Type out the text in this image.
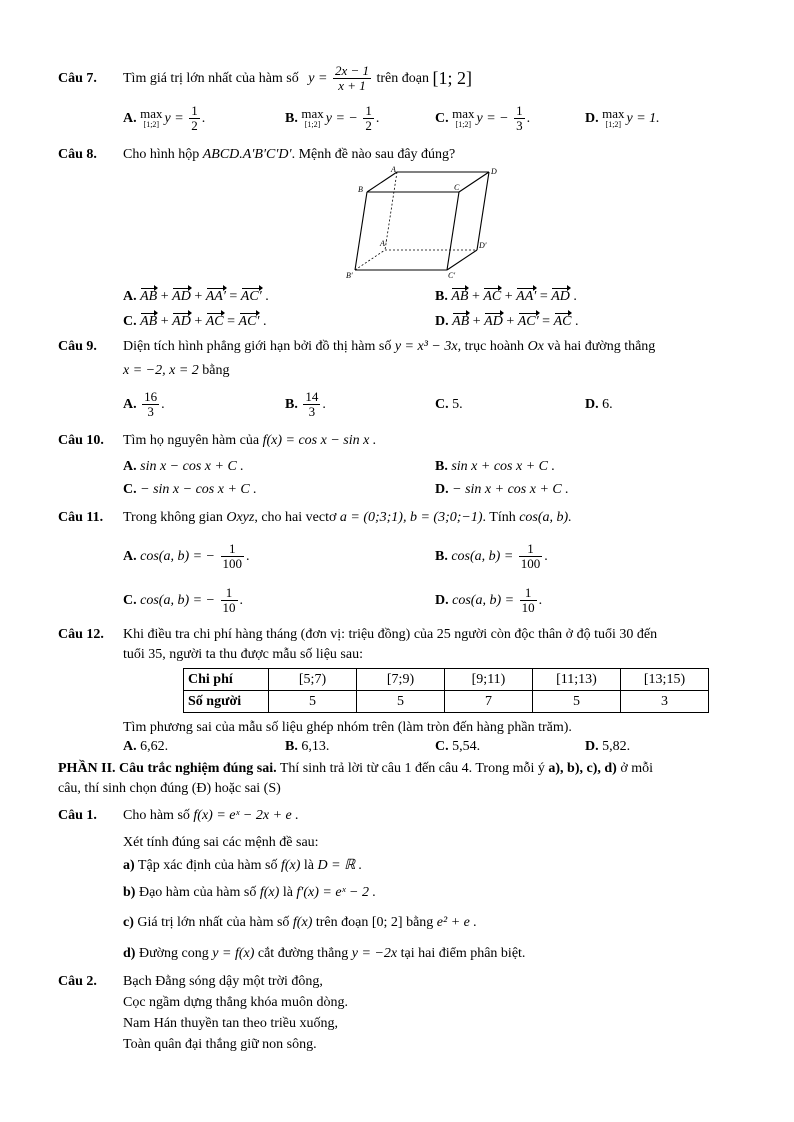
Câu 7. Tìm giá trị lớn nhất của hàm số $y = \frac{2x - 1}{x + 1}$ trên đoạn [1; 2]
A. max
[1;2] $y = \frac{1}{2}$ .	B. max
[1;2] y = − $\frac{1}{2}$ .	C. max
[1;2] y = − $\frac{1}{3}$ .	D. max
[1;2] y = 1.
Câu 8. Cho hình hộp ABCD.A′B′C′D′. Mệnh đề nào sau đây đúng?
A
B	C
D
A′
B′	C′
D′
A. AB + AD + AA′ = AC′ .	B. AB + AC + AA′ = AD .
C. AB + AD + AC = AC′ .	D. AB + AD + AC′ = AC .
Câu 9. Diện tích hình phẳng giới hạn bởi đồ thị hàm số y = x³ − 3x, trục hoành Ox và hai đường thẳng
x = −2, x = 2 bằng
A. $\frac{16}{3}$ .	B. $\frac{14}{3}$ .	C. 5.	D. 6.
Câu 10. Tìm họ nguyên hàm của f(x) = cos x − sin x .
A. sin x − cos x + C .	B. sin x + cos x + C .
C. − sin x − cos x + C .	D. − sin x + cos x + C .
Câu 11. Trong không gian Oxyz, cho hai vectơ a = (0;3;1), b = (3;0;−1). Tính cos(a, b).
A. cos(a, b) = − $\frac{1}{100}$ .	B. cos(a, $b) = \frac{1}{100}$ .
C. cos(a, b) = − $\frac{1}{10}$ .	D. cos(a, $b) = \frac{1}{10}$ .
Câu 12. Khi điều tra chi phí hàng tháng (đơn vị: triệu đồng) của 25 người còn độc thân ở độ tuổi 30 đến
tuổi 35, người ta thu được mẫu số liệu sau:
Chi phí	[5;7)	[7;9)	[9;11)	[11;13)	[13;15)
Số người	5	5	7	5	3
Tìm phương sai của mẫu số liệu ghép nhóm trên (làm tròn đến hàng phần trăm).
A. 6,62.	B. 6,13.	C. 5,54.	D. 5,82.
PHẦN II. Câu trắc nghiệm đúng sai. Thí sinh trả lời từ câu 1 đến câu 4. Trong mỗi ý a), b), c), d) ở mỗi
câu, thí sinh chọn đúng (Đ) hoặc sai (S)
Câu 1. Cho hàm số f(x) = eˣ − 2x + e .
Xét tính đúng sai các mệnh đề sau:
a) Tập xác định của hàm số f(x) là D = ℝ .
b) Đạo hàm của hàm số f(x) là f′(x) = eˣ − 2 .
c) Giá trị lớn nhất của hàm số f(x) trên đoạn [0; 2] bằng e² + e .
d) Đường cong y = f(x) cắt đường thẳng y = −2x tại hai điểm phân biệt.
Câu 2. Bạch Đằng sóng dậy một trời đông,
Cọc ngầm dựng thẳng khóa muôn dòng.
Nam Hán thuyền tan theo triều xuống,
Toàn quân đại thắng giữ non sông.
